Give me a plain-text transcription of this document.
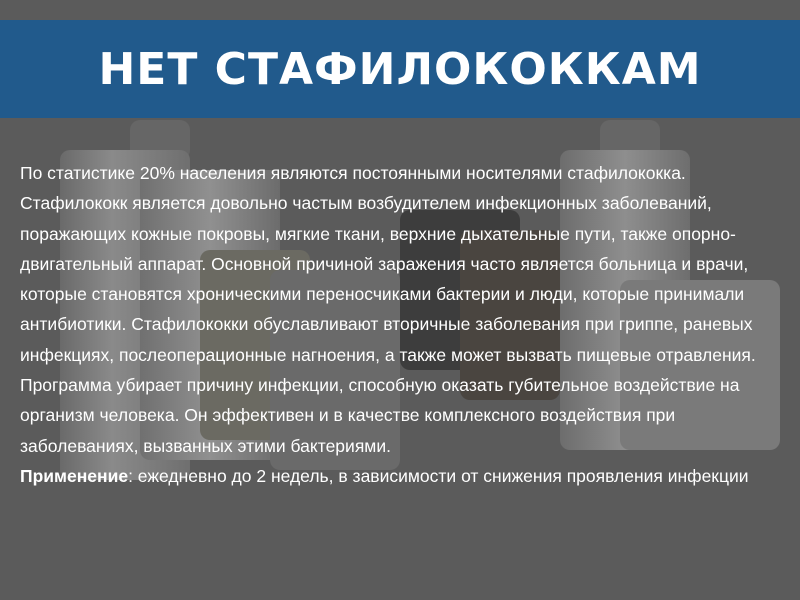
НЕТ СТАФИЛОКОККАМ

По статистике 20% населения являются постоянными носителями стафилококка. Стафилококк является довольно частым возбудителем инфекционных заболеваний, поражающих кожные покровы, мягкие ткани, верхние дыхательные пути, также опорно-двигательный аппарат. Основной причиной заражения часто является больница и врачи, которые становятся хроническими переносчиками бактерии и люди, которые принимали антибиотики. Стафилококки обуславливают вторичные заболевания при гриппе, раневых инфекциях, послеоперационные нагноения, а также может вызвать пищевые отравления. Программа убирает причину инфекции, способную оказать губительное воздействие на организм человека. Он эффективен и в качестве комплексного воздействия при заболеваниях, вызванных этими бактериями.

Применение: ежедневно до 2 недель, в зависимости от снижения проявления инфекции
